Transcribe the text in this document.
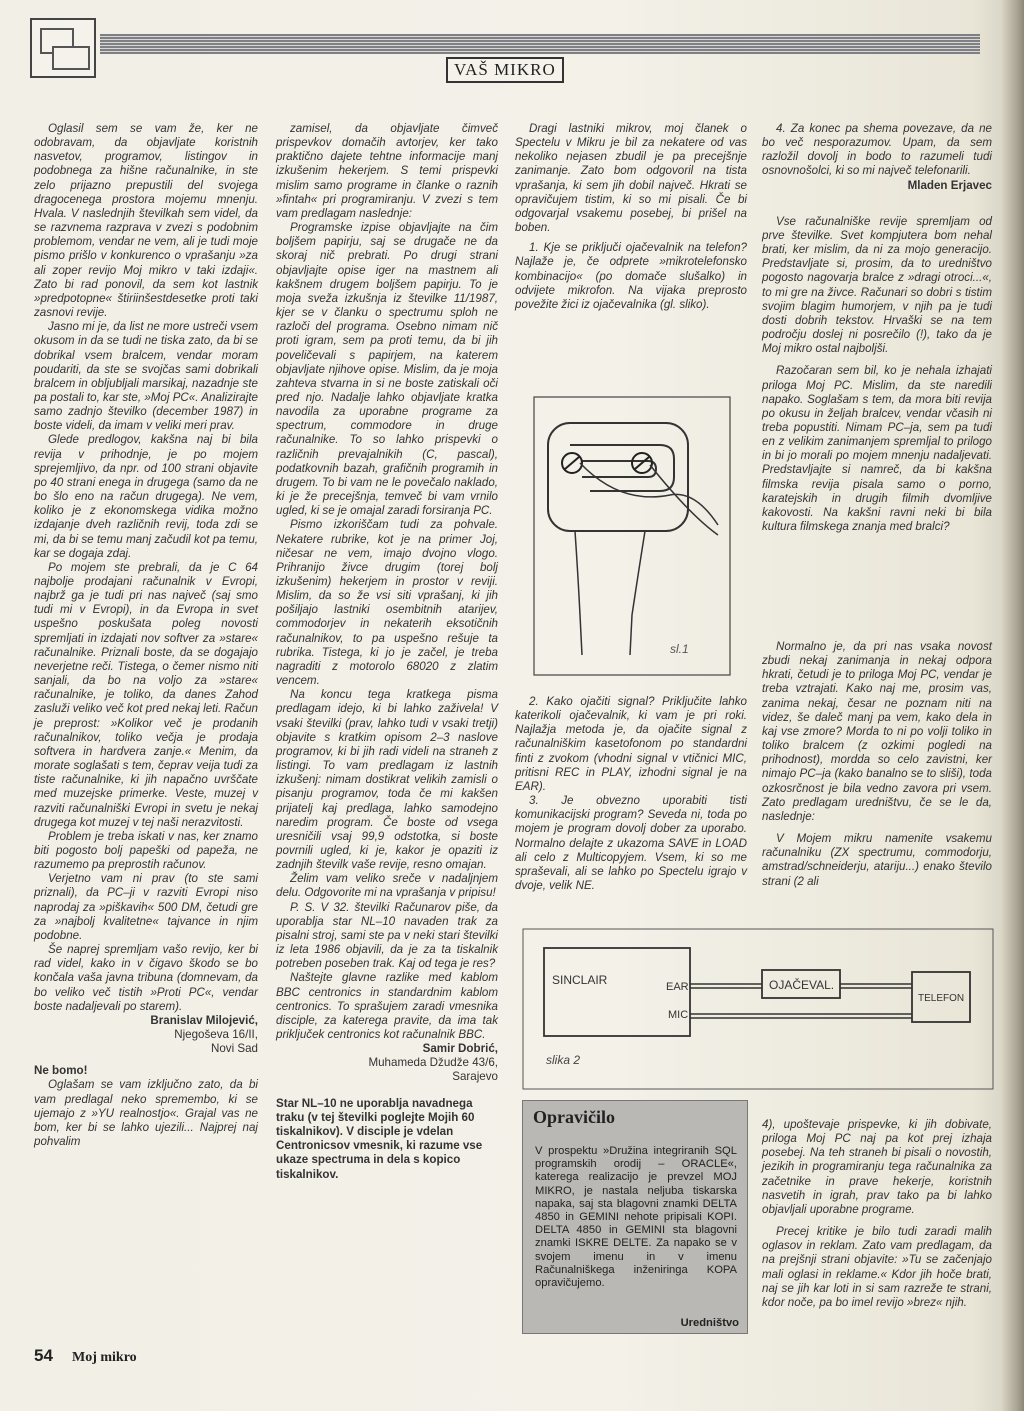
VAŠ MIKRO

Oglasil sem se vam že, ker ne odobravam, da objavljate koristnih nasvetov, programov, listingov in podobnega za hišne računalnike, in ste zelo prijazno prepustili del svojega dragocenega prostora mojemu mnenju. Hvala. V naslednjih številkah sem videl, da se razvnema razprava v zvezi s podobnim problemom, vendar ne vem, ali je tudi moje pismo prišlo v konkurenco o vprašanju »za ali zoper revijo Moj mikro v taki izdaji«. Zato bi rad ponovil, da sem kot lastnik »predpotopne« štiriinšestdesetke proti taki zasnovi revije.

Jasno mi je, da list ne more ustreči vsem okusom in da se tudi ne tiska zato, da bi se dobrikal vsem bralcem, vendar moram poudariti, da ste se svojčas sami dobrikali bralcem in obljubljali marsikaj, nazadnje ste pa postali to, kar ste, »Moj PC«. Analizirajte samo zadnjo številko (december 1987) in boste videli, da imam v veliki meri prav.

Glede predlogov, kakšna naj bi bila revija v prihodnje, je po mojem sprejemljivo, da npr. od 100 strani objavite po 40 strani enega in drugega (samo da ne bo šlo eno na račun drugega). Ne vem, koliko je z ekonomskega vidika možno izdajanje dveh različnih revij, toda zdi se mi, da bi se temu manj začudil kot pa temu, kar se dogaja zdaj.

Po mojem ste prebrali, da je C 64 najbolje prodajani računalnik v Evropi, najbrž ga je tudi pri nas največ (saj smo tudi mi v Evropi), in da Evropa in svet uspešno poskušata poleg novosti spremljati in izdajati nov softver za »stare« računalnike. Priznali boste, da se dogajajo neverjetne reči. Tistega, o čemer nismo niti sanjali, da bo na voljo za »stare« računalnike, je toliko, da danes Zahod zasluži veliko več kot pred nekaj leti. Račun je preprost: »Kolikor več je prodanih računalnikov, toliko večja je prodaja softvera in hardvera zanje.« Menim, da morate soglašati s tem, čeprav veija tudi za tiste računalnike, ki jih napačno uvrščate med muzejske primerke. Veste, muzej v razviti računalniški Evropi in svetu je nekaj drugega kot muzej v tej naši nerazvitosti.

Problem je treba iskati v nas, ker znamo biti pogosto bolj papeški od papeža, ne razumemo pa preprostih računov.

Verjetno vam ni prav (to ste sami priznali), da PC–ji v razviti Evropi niso naprodaj za »piškavih« 500 DM, četudi gre za »najbolj kvalitetne« tajvance in njim podobne.

Še naprej spremljam vašo revijo, ker bi rad videl, kako in v čigavo škodo se bo končala vaša javna tribuna (domnevam, da bo veliko več tistih »Proti PC«, vendar boste nadaljevali po starem).

Branislav Milojević,

Njegoševa 16/II,

Novi Sad

Ne bomo!

Oglašam se vam izključno zato, da bi vam predlagal neko spremembo, ki se ujemajo z »YU realnostjo«. Grajal vas ne bom, ker bi se lahko ujezili... Najprej naj pohvalim

zamisel, da objavljate čimveč prispevkov domačih avtorjev, ker tako praktično dajete tehtne informacije manj izkušenim hekerjem. S temi prispevki mislim samo programe in članke o raznih »fintah« pri programiranju. V zvezi s tem vam predlagam naslednje:

Programske izpise objavljajte na čim boljšem papirju, saj se drugače ne da skoraj nič prebrati. Po drugi strani objavljajte opise iger na mastnem ali kakšnem drugem boljšem papirju. To je moja sveža izkušnja iz številke 11/1987, kjer se v članku o spectrumu sploh ne razloči del programa. Osebno nimam nič proti igram, sem pa proti temu, da bi jih poveličevali s papirjem, na katerem objavljate njihove opise. Mislim, da je moja zahteva stvarna in si ne boste zatiskali oči pred njo. Nadalje lahko objavljate kratka navodila za uporabne programe za spectrum, commodore in druge računalnike. To so lahko prispevki o različnih prevajalnikih (C, pascal), podatkovnih bazah, grafičnih programih in drugem. To bi vam ne le povečalo naklado, ki je že precejšnja, temveč bi vam vrnilo ugled, ki se je omajal zaradi forsiranja PC.

Pismo izkoriščam tudi za pohvale. Nekatere rubrike, kot je na primer Joj, ničesar ne vem, imajo dvojno vlogo. Prihranijo živce drugim (torej bolj izkušenim) hekerjem in prostor v reviji. Mislim, da so že vsi siti vprašanj, ki jih pošiljajo lastniki osembitnih atarijev, commodorjev in nekaterih eksotičnih računalnikov, to pa uspešno rešuje ta rubrika. Tistega, ki jo je začel, je treba nagraditi z motorolo 68020 z zlatim vencem.

Na koncu tega kratkega pisma predlagam idejo, ki bi lahko zaživela! V vsaki številki (prav, lahko tudi v vsaki tretji) objavite s kratkim opisom 2–3 naslove programov, ki bi jih radi videli na straneh z listingi. To vam predlagam iz lastnih izkušenj: nimam dostikrat velikih zamisli o pisanju programov, toda če mi kakšen prijatelj kaj predlaga, lahko samodejno naredim program. Če boste od vsega uresničili vsaj 99,9 odstotka, si boste povrnili ugled, ki je, kakor je opaziti iz zadnjih številk vaše revije, resno omajan.

Želim vam veliko sreče v nadaljnjem delu. Odgovorite mi na vprašanja v pripisu!

P. S. V 32. številki Računarov piše, da uporablja star NL–10 navaden trak za pisalni stroj, sami ste pa v neki stari številki iz leta 1986 objavili, da je za ta tiskalnik potreben poseben trak. Kaj od tega je res?

Naštejte glavne razlike med kablom BBC centronics in standardnim kablom centronics. To sprašujem zaradi vmesnika disciple, za katerega pravite, da ima tak priključek centronics kot računalnik BBC.

Samir Dobrić,

Muhameda Džudže 43/6,

Sarajevo

Star NL–10 ne uporablja navadnega traku (v tej številki poglejte Mojih 60 tiskalnikov). V disciple je vdelan Centronicsov vmesnik, ki razume vse ukaze spectruma in dela s kopico tiskalnikov.

Dragi lastniki mikrov, moj članek o Spectelu v Mikru je bil za nekatere od vas nekoliko nejasen zbudil je pa precejšnje zanimanje. Zato bom odgovoril na tista vprašanja, ki sem jih dobil največ. Hkrati se opravičujem tistim, ki so mi pisali. Če bi odgovarjal vsakemu posebej, bi prišel na boben.

1. Kje se priključi ojačevalnik na telefon? Najlaže je, če odprete »mikrotelefonsko kombinacijo« (po domače slušalko) in odvijete mikrofon. Na vijaka preprosto povežite žici iz ojačevalnika (gl. sliko).

sl.1

2. Kako ojačiti signal? Priključite lahko katerikoli ojačevalnik, ki vam je pri roki. Najlažja metoda je, da ojačite signal z računalniškim kasetofonom po standardni finti z zvokom (vhodni signal v vtičnici MIC, pritisni REC in PLAY, izhodni signal je na EAR).

3. Je obvezno uporabiti tisti komunikacijski program? Seveda ni, toda po mojem je program dovolj dober za uporabo. Normalno delajte z ukazoma SAVE in LOAD ali celo z Multicopyjem. Vsem, ki so me spraševali, ali se lahko po Spectelu igrajo v dvoje, velik NE.

4. Za konec pa shema povezave, da ne bo več nesporazumov. Upam, da sem razložil dovolj in bodo to razumeli tudi osnovnošolci, ki so mi največ telefonarili.

Mladen Erjavec

Vse računalniške revije spremljam od prve številke. Svet kompjutera bom nehal brati, ker mislim, da ni za mojo generacijo. Predstavljate si, prosim, da to uredništvo pogosto nagovarja bralce z »dragi otroci...«, to mi gre na živce. Računari so dobri s tistim svojim blagim humorjem, v njih pa je tudi dosti dobrih tekstov. Hrvaški se na tem področju doslej ni posrečilo (!), tako da je Moj mikro ostal najboljši.

Razočaran sem bil, ko je nehala izhajati priloga Moj PC. Mislim, da ste naredili napako. Soglašam s tem, da mora biti revija po okusu in željah bralcev, vendar včasih ni treba popustiti. Nimam PC–ja, sem pa tudi en z velikim zanimanjem spremljal to prilogo in bi jo morali po mojem mnenju nadaljevati. Predstavljajte si namreč, da bi kakšna filmska revija pisala samo o porno, karatejskih in drugih filmih dvomljive kakovosti. Na kakšni ravni neki bi bila kultura filmskega znanja med bralci?

Normalno je, da pri nas vsaka novost zbudi nekaj zanimanja in nekaj odpora hkrati, četudi je to priloga Moj PC, vendar je treba vztrajati. Kako naj me, prosim vas, zanima nekaj, česar ne poznam niti na videz, še daleč manj pa vem, kako dela in kaj vse zmore? Morda to ni po volji toliko in toliko bralcem (z ozkimi pogledi na prihodnost), mordda so celo zavistni, ker nimajo PC–ja (kako banalno se to sliši), toda ozkosrčnost je bila vedno zavora pri vsem. Zato predlagam uredništvu, če se le da, naslednje:

V Mojem mikru namenite vsakemu računalniku (ZX spectrumu, commodorju, amstrad/schneiderju, atariju...) enako število strani (2 ali

SINCLAIR	EAR
MIC
OJAČEVAL.
TELEFON
slika 2
Opravičilo
V prospektu »Družina integriranih SQL programskih orodij – ORACLE«, katerega realizacijo je prevzel MOJ MIKRO, je nastala neljuba tiskarska napaka, saj sta blagovni znamki DELTA 4850 in GEMINI nehote pripisali KOPI. DELTA 4850 in GEMINI sta blagovni znamki ISKRE DELTE. Za napako se v svojem imenu in v imenu Računalniškega inženiringa KOPA opravičujemo.
Uredništvo

4), upoštevaje prispevke, ki jih dobivate, priloga Moj PC naj pa kot prej izhaja posebej. Na teh straneh bi pisali o novostih, jezikih in programiranju tega računalnika za začetnike in prave hekerje, koristnih nasvetih in igrah, prav tako pa bi lahko objavljali uporabne programe.

Precej kritike je bilo tudi zaradi malih oglasov in reklam. Zato vam predlagam, da na prejšnji strani objavite: »Tu se začenjajo mali oglasi in reklame.« Kdor jih hoče brati, naj se jih kar loti in si sam razreže te strani, kdor noče, pa bo imel revijo »brez« njih.

54 Moj mikro
